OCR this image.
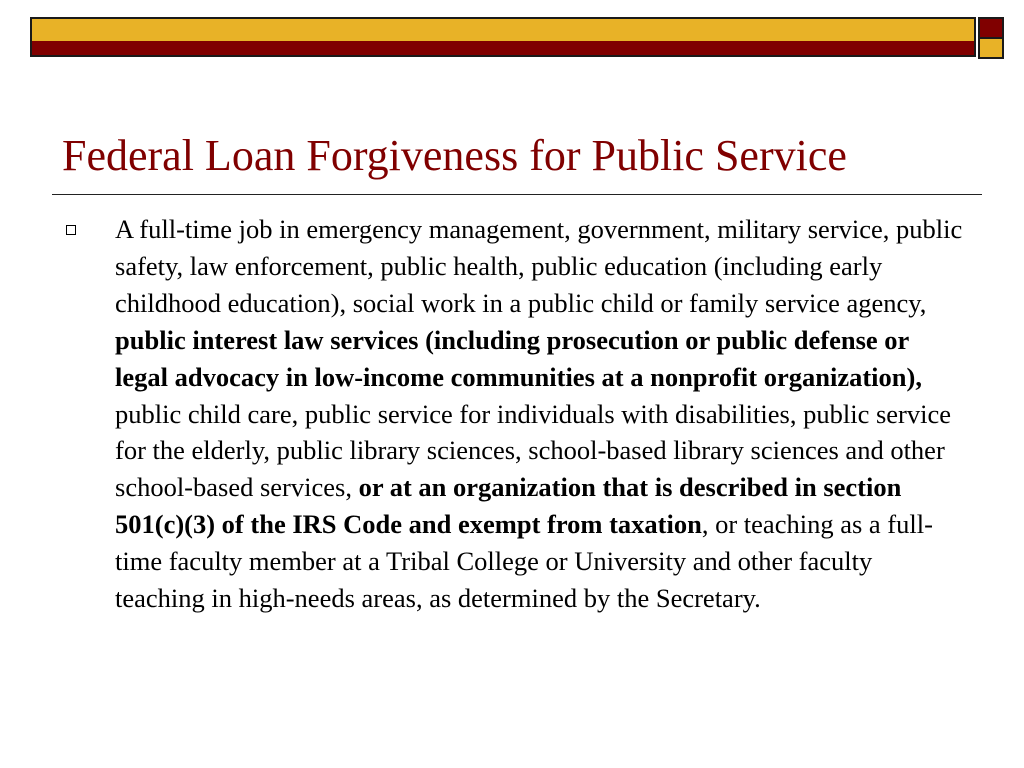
Federal Loan Forgiveness for Public Service

A full-time job in emergency management, government, military service, public safety, law enforcement, public health, public education (including early childhood education), social work in a public child or family service agency, public interest law services (including prosecution or public defense or legal advocacy in low-income communities at a nonprofit organization), public child care, public service for individuals with disabilities, public service for the elderly, public library sciences, school-based library sciences and other school-based services, or at an organization that is described in section 501(c)(3) of the IRS Code and exempt from taxation, or teaching as a full-time faculty member at a Tribal College or University and other faculty teaching in high-needs areas, as determined by the Secretary.
